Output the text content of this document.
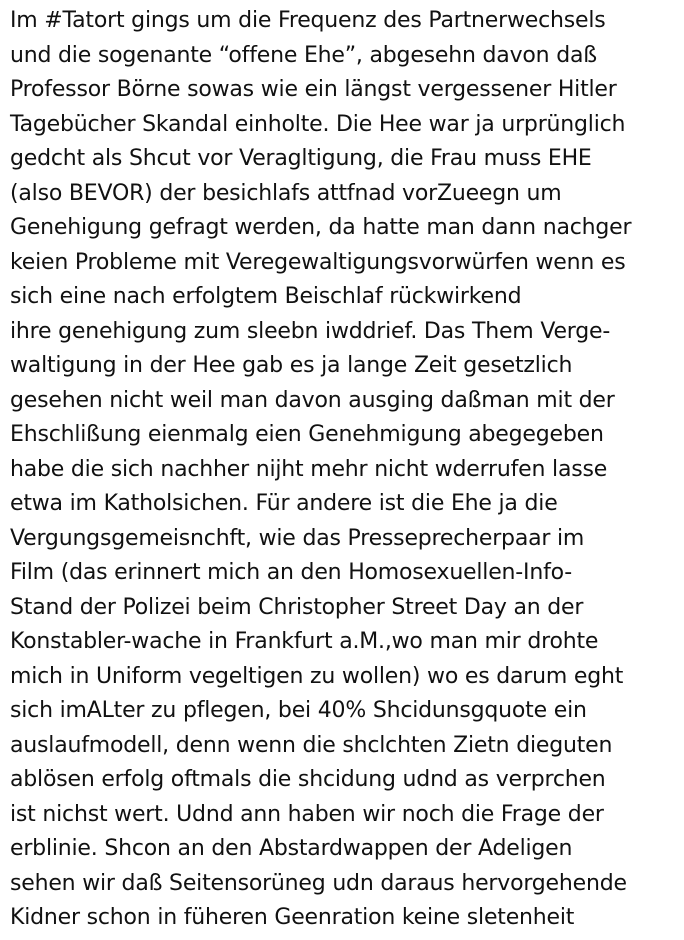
Im #Tatort gings um die Frequenz des Partnerwechsels
und die sogenante “offene Ehe”, abgesehn davon daß
Professor Börne sowas wie ein längst vergessener Hitler
Tagebücher Skandal einholte. Die Hee war ja urprünglich
gedcht als Shcut vor Veragltigung, die Frau muss EHE
(also BEVOR) der besichlafs attfnad vorZueegn um
Genehigung gefragt werden, da hatte man dann nachger
keien Probleme mit Veregewaltigungsvorwürfen wenn es
sich eine nach erfolgtem Beischlaf rückwirkend
ihre genehigung zum sleebn iwddrief. Das Them Verge-
waltigung in der Hee gab es ja lange Zeit gesetzlich
gesehen nicht weil man davon ausging daßman mit der
Ehschlißung eienmalg eien Genehmigung abegegeben
habe die sich nachher nijht mehr nicht wderrufen lasse
etwa im Katholsichen. Für andere ist die Ehe ja die
Vergungsgemeisnchft, wie das Presseprecherpaar im
Film (das erinnert mich an den Homosexuellen-Info-
Stand der Polizei beim Christopher Street Day an der
Konstabler-wache in Frankfurt a.M.,wo man mir drohte
mich in Uniform vegeltigen zu wollen) wo es darum eght
sich imALter zu pflegen, bei 40% Shcidunsgquote ein
auslaufmodell, denn wenn die shclchten Zietn dieguten
ablösen erfolg oftmals die shcidung udnd as verprchen
ist nichst wert. Udnd ann haben wir noch die Frage der
erblinie. Shcon an den Abstardwappen der Adeligen
sehen wir daß Seitensorüneg udn daraus hervorgehende
Kidner schon in füheren Geenration keine sletenheit
